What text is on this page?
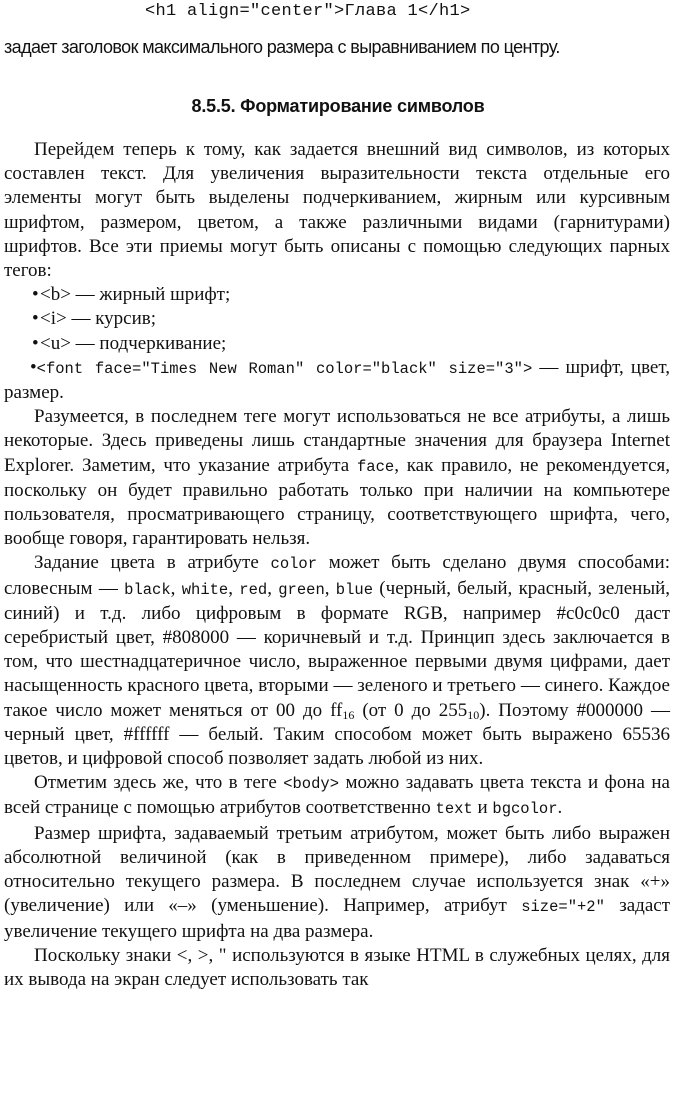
<h1 align="center">Глава 1</h1>
задает заголовок максимального размера с выравниванием по центру.
8.5.5. Форматирование символов

Перейдем теперь к тому, как задается внешний вид символов, из которых составлен текст. Для увеличения выразительности текста отдельные его элементы могут быть выделены подчеркиванием, жирным или курсивным шрифтом, размером, цветом, а также различными видами (гарнитурами) шрифтов. Все эти приемы могут быть описаны с помощью следующих парных тегов:

• <b> — жирный шрифт;
• <i> — курсив;
• <u> — подчеркивание;
•<font face="Times New Roman" color="black" size="3"> — шрифт, цвет, размер.

Разумеется, в последнем теге могут использоваться не все атрибуты, а лишь некоторые. Здесь приведены лишь стандартные значения для браузера Internet Explorer. Заметим, что указание атрибута face, как правило, не рекомендуется, поскольку он будет правильно работать только при наличии на компьютере пользователя, просматривающего страницу, соответствующего шрифта, чего, вообще говоря, гарантировать нельзя.

Задание цвета в атрибуте color может быть сделано двумя способами: словесным — black, white, red, green, blue (черный, белый, красный, зеленый, синий) и т.д. либо цифровым в формате RGB, например #c0c0c0 даст серебристый цвет, #808000 — коричневый и т.д. Принцип здесь заключается в том, что шестнадцатеричное число, выраженное первыми двумя цифрами, дает насыщенность красного цвета, вторыми — зеленого и третьего — синего. Каждое такое число может меняться от 00 до $ff_{16}$ (от 0 до $255_{10}$). Поэтому #000000 — черный цвет, #ffffff — белый. Таким способом может быть выражено 65536 цветов, и цифровой способ позволяет задать любой из них.

Отметим здесь же, что в теге <body> можно задавать цвета текста и фона на всей странице с помощью атрибутов соответственно text и bgcolor.

Размер шрифта, задаваемый третьим атрибутом, может быть либо выражен абсолютной величиной (как в приведенном примере), либо задаваться относительно текущего размера. В последнем случае используется знак «+» (увеличение) или «–» (уменьшение). Например, атрибут size="+2" задаст увеличение текущего шрифта на два размера.

Поскольку знаки <, >, " используются в языке HTML в служебных целях, для их вывода на экран следует использовать так
